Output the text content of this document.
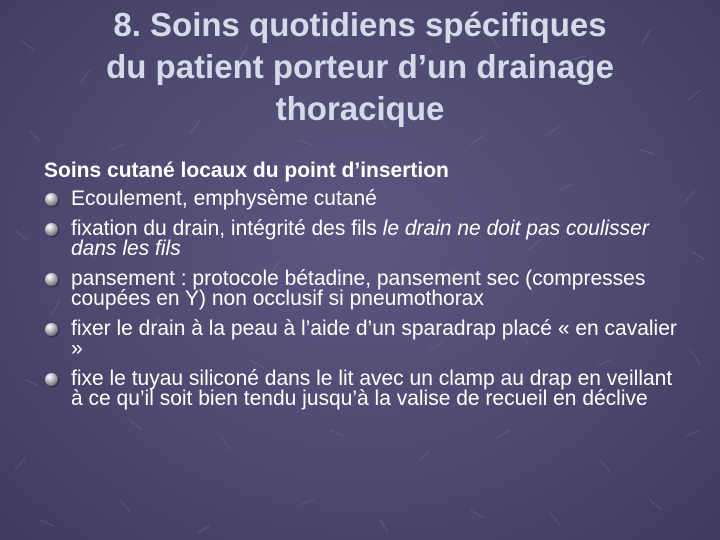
8. Soins quotidiens spécifiques
du patient porteur d’un drainage
thoracique
Soins cutané locaux du point d’insertion
Ecoulement, emphysème cutané
fixation du drain, intégrité des fils le drain ne doit pas coulisser dans les fils
pansement : protocole bétadine, pansement sec (compresses coupées en Y) non occlusif si pneumothorax
fixer le drain à la peau à l’aide d’un sparadrap placé « en cavalier »
fixe le tuyau siliconé dans le lit avec un clamp au drap en veillant à ce qu’il soit bien tendu jusqu’à la valise de recueil en déclive
